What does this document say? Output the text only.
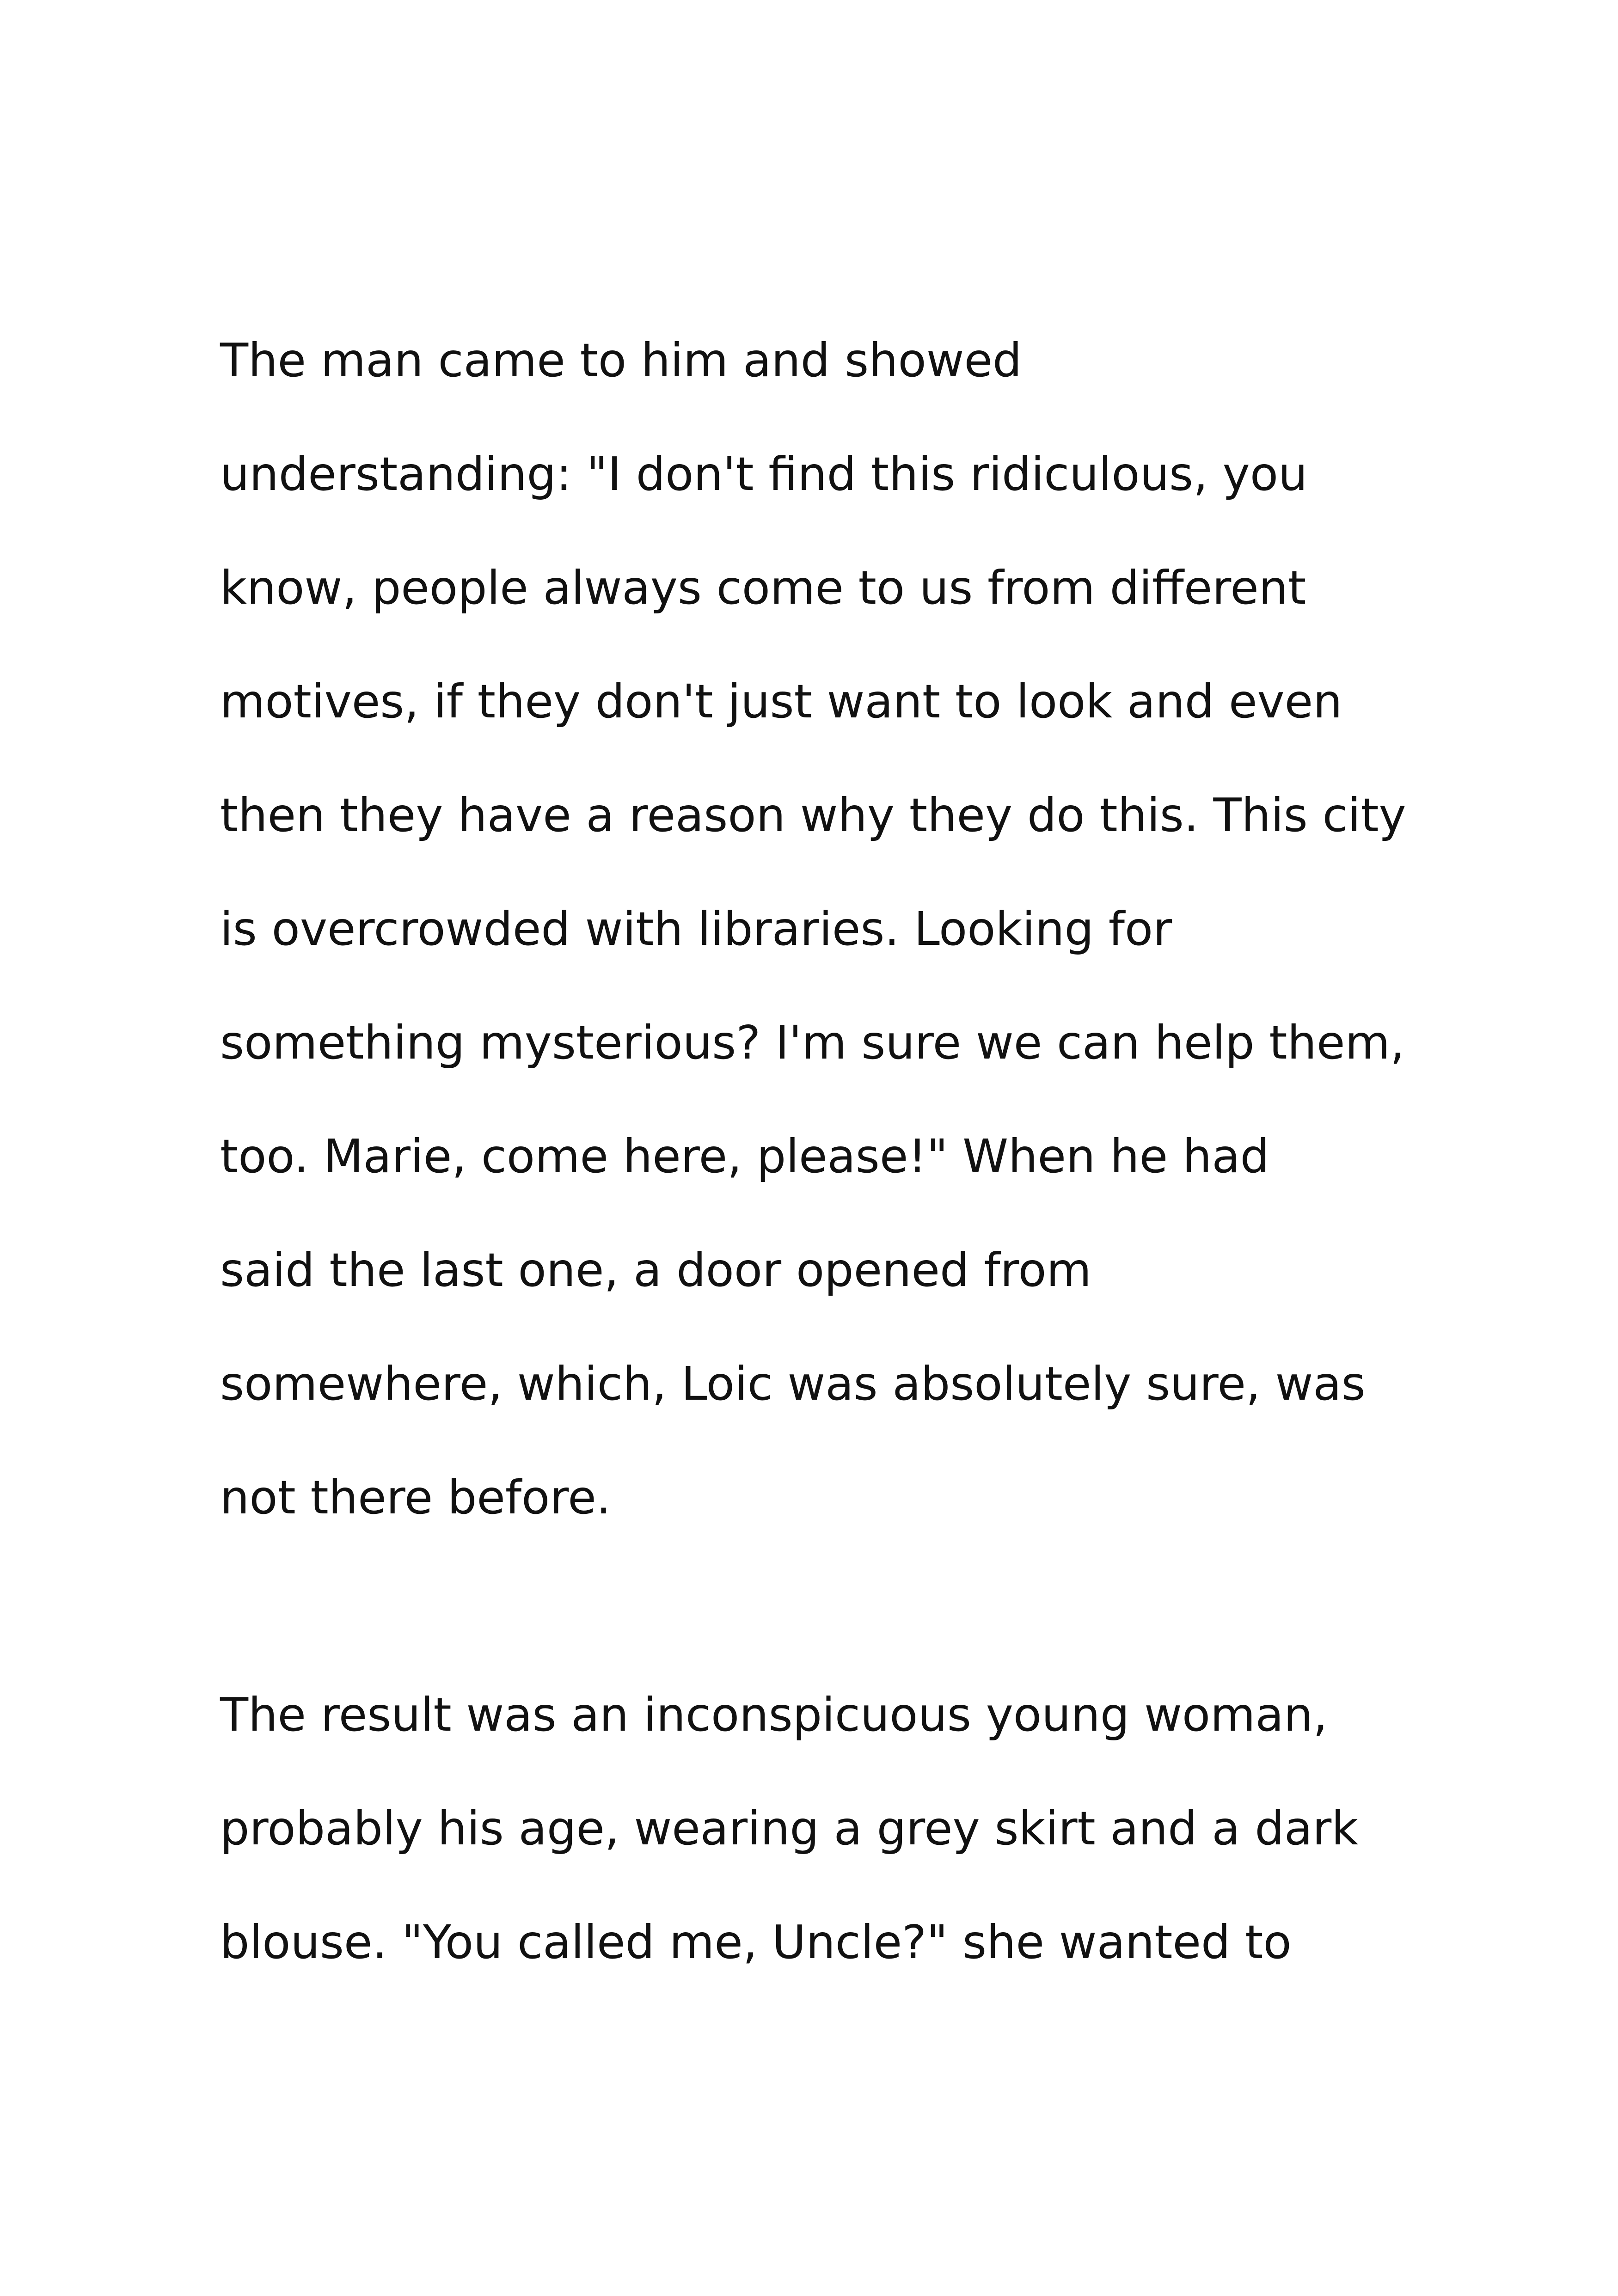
The man came to him and showed
understanding: "I don't find this ridiculous, you
know, people always come to us from different
motives, if they don't just want to look and even
then they have a reason why they do this. This city
is overcrowded with libraries. Looking for
something mysterious? I'm sure we can help them,
too. Marie, come here, please!" When he had
said the last one, a door opened from
somewhere, which, Loic was absolutely sure, was
not there before.
The result was an inconspicuous young woman,
probably his age, wearing a grey skirt and a dark
blouse. "You called me, Uncle?" she wanted to
